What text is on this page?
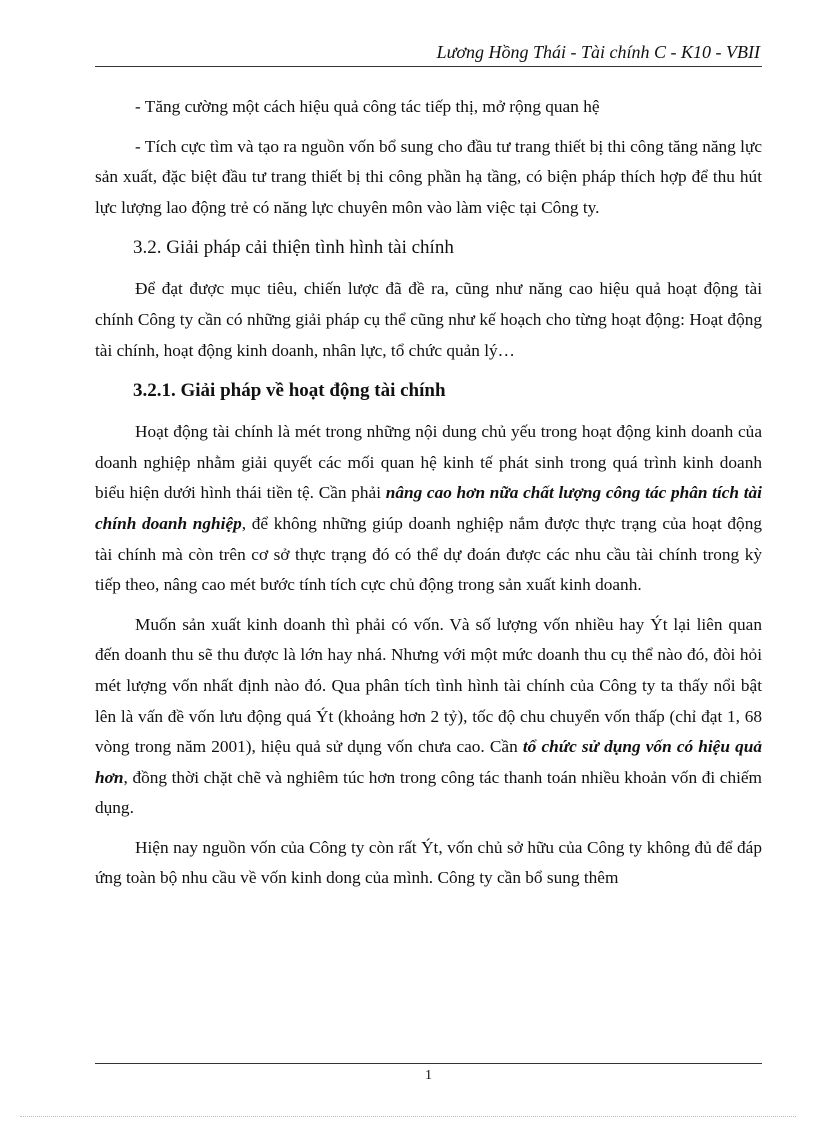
Lương Hồng Thái - Tài chính C - K10 - VBII

- Tăng cường một cách hiệu quả công tác tiếp thị, mở rộng quan hệ

- Tích cực tìm và tạo ra nguồn vốn bổ sung cho đầu tư trang thiết bị thi công tăng năng lực sản xuất, đặc biệt đầu tư trang thiết bị thi công phần hạ tầng, có biện pháp thích hợp để thu hút lực lượng lao động trẻ có năng lực chuyên môn vào làm việc tại Công ty.

3.2. Giải pháp cải thiện tình hình tài chính

Để đạt được mục tiêu, chiến lược đã đề ra, cũng như năng cao hiệu quả hoạt động tài chính Công ty cần có những giải pháp cụ thể cũng như kế hoạch cho từng hoạt động: Hoạt động tài chính, hoạt động kinh doanh, nhân lực, tổ chức quản lý…

3.2.1. Giải pháp về hoạt động tài chính

Hoạt động tài chính là mét trong những nội dung chủ yếu trong hoạt động kinh doanh của doanh nghiệp nhằm giải quyết các mối quan hệ kinh tế phát sinh trong quá trình kinh doanh biểu hiện dưới hình thái tiền tệ. Cần phải nâng cao hơn nữa chất lượng công tác phân tích tài chính doanh nghiệp, để không những giúp doanh nghiệp nắm được thực trạng của hoạt động tài chính mà còn trên cơ sở thực trạng đó có thể dự đoán được các nhu cầu tài chính trong kỳ tiếp theo, nâng cao mét bước tính tích cực chủ động trong sản xuất kinh doanh.

Muốn sản xuất kinh doanh thì phải có vốn. Và số lượng vốn nhiều hay Ýt lại liên quan đến doanh thu sẽ thu được là lớn hay nhá. Nhưng với một mức doanh thu cụ thể nào đó, đòi hỏi mét lượng vốn nhất định nào đó. Qua phân tích tình hình tài chính của Công ty ta thấy nổi bật lên là vấn đề vốn lưu động quá Ýt (khoảng hơn 2 tỷ), tốc độ chu chuyển vốn thấp (chỉ đạt 1, 68 vòng trong năm 2001), hiệu quả sử dụng vốn chưa cao. Cần tổ chức sử dụng vốn có hiệu quả hơn, đồng thời chặt chẽ và nghiêm túc hơn trong công tác thanh toán nhiều khoản vốn đi chiếm dụng.

Hiện nay nguồn vốn của Công ty còn rất Ýt, vốn chủ sở hữu của Công ty không đủ để đáp ứng toàn bộ nhu cầu về vốn kinh dong của mình. Công ty cần bổ sung thêm

1
